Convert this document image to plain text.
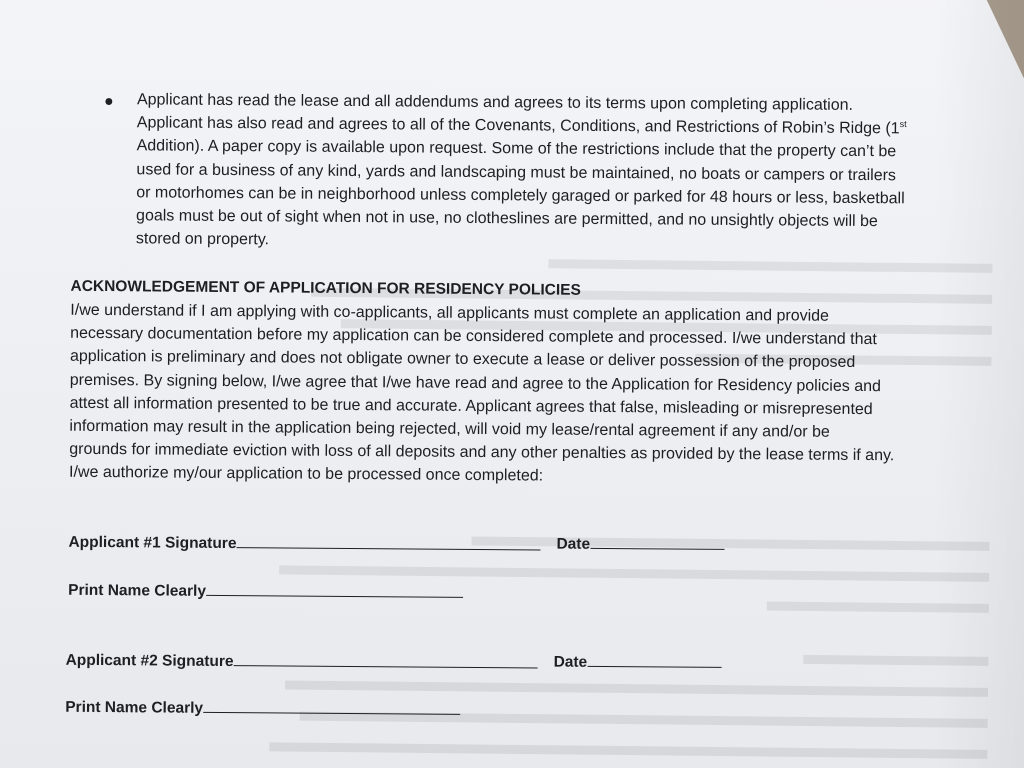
● Applicant has read the lease and all addendums and agrees to its terms upon completing application.
Applicant has also read and agrees to all of the Covenants, Conditions, and Restrictions of Robin’s Ridge (1st
Addition). A paper copy is available upon request. Some of the restrictions include that the property can’t be
used for a business of any kind, yards and landscaping must be maintained, no boats or campers or trailers
or motorhomes can be in neighborhood unless completely garaged or parked for 48 hours or less, basketball
goals must be out of sight when not in use, no clotheslines are permitted, and no unsightly objects will be
stored on property.

ACKNOWLEDGEMENT OF APPLICATION FOR RESIDENCY POLICIES

I/we understand if I am applying with co-applicants, all applicants must complete an application and provide
necessary documentation before my application can be considered complete and processed. I/we understand that
application is preliminary and does not obligate owner to execute a lease or deliver possession of the proposed
premises. By signing below, I/we agree that I/we have read and agree to the Application for Residency policies and
attest all information presented to be true and accurate. Applicant agrees that false, misleading or misrepresented
information may result in the application being rejected, will void my lease/rental agreement if any and/or be
grounds for immediate eviction with loss of all deposits and any other penalties as provided by the lease terms if any.
I/we authorize my/our application to be processed once completed:
Applicant #1 Signature	Date
Print Name Clearly
Applicant #2 Signature	Date
Print Name Clearly
